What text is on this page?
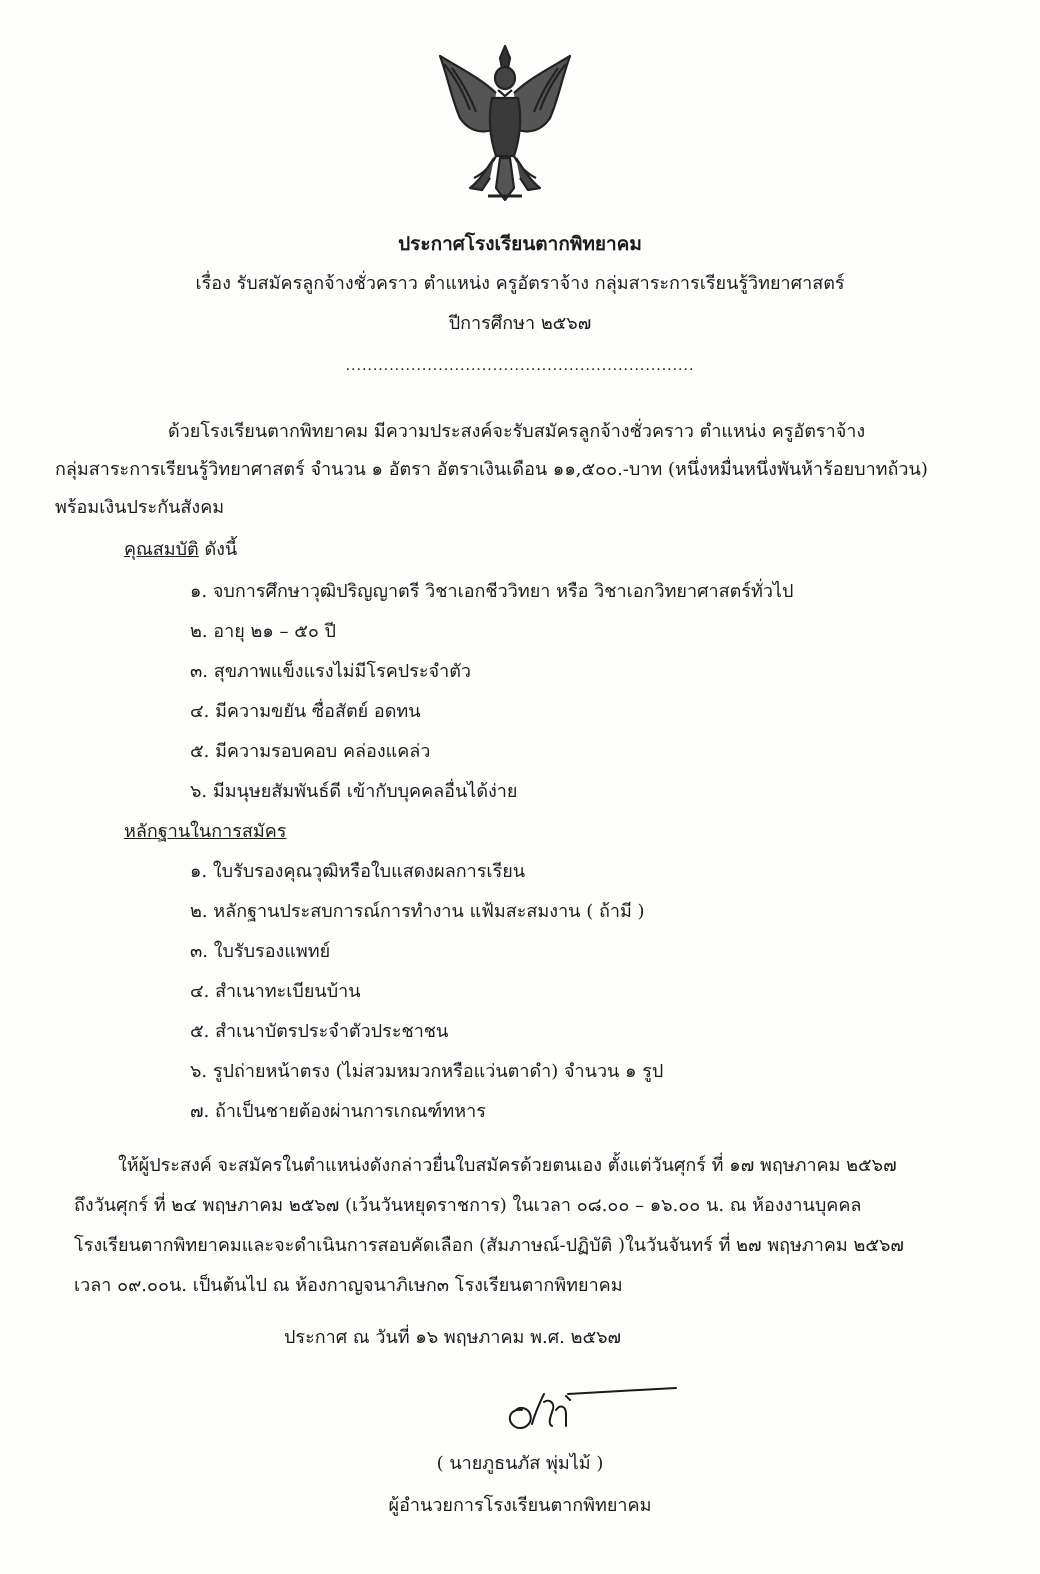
ประกาศโรงเรียนตากพิทยาคม
เรื่อง รับสมัครลูกจ้างชั่วคราว ตำแหน่ง ครูอัตราจ้าง กลุ่มสาระการเรียนรู้วิทยาศาสตร์
ปีการศึกษา ๒๕๖๗
................................................................
ด้วยโรงเรียนตากพิทยาคม มีความประสงค์จะรับสมัครลูกจ้างชั่วคราว ตำแหน่ง ครูอัตราจ้าง
กลุ่มสาระการเรียนรู้วิทยาศาสตร์ จำนวน ๑ อัตรา อัตราเงินเดือน ๑๑,๕๐๐.-บาท (หนึ่งหมื่นหนึ่งพันห้าร้อยบาทถ้วน)
พร้อมเงินประกันสังคม
คุณสมบัติ ดังนี้
๑. จบการศึกษาวุฒิปริญญาตรี วิชาเอกชีววิทยา หรือ วิชาเอกวิทยาศาสตร์ทั่วไป
๒. อายุ ๒๑ – ๕๐ ปี
๓. สุขภาพแข็งแรงไม่มีโรคประจำตัว
๔. มีความขยัน ซื่อสัตย์ อดทน
๕. มีความรอบคอบ คล่องแคล่ว
๖. มีมนุษยสัมพันธ์ดี เข้ากับบุคคลอื่นได้ง่าย
หลักฐานในการสมัคร
๑. ใบรับรองคุณวุฒิหรือใบแสดงผลการเรียน
๒. หลักฐานประสบการณ์การทำงาน แฟ้มสะสมงาน ( ถ้ามี )
๓. ใบรับรองแพทย์
๔. สำเนาทะเบียนบ้าน
๕. สำเนาบัตรประจำตัวประชาชน
๖. รูปถ่ายหน้าตรง (ไม่สวมหมวกหรือแว่นตาดำ) จำนวน ๑ รูป
๗. ถ้าเป็นชายต้องผ่านการเกณฑ์ทหาร
ให้ผู้ประสงค์ จะสมัครในตำแหน่งดังกล่าวยื่นใบสมัครด้วยตนเอง ตั้งแต่วันศุกร์ ที่ ๑๗ พฤษภาคม ๒๕๖๗
ถึงวันศุกร์ ที่ ๒๔ พฤษภาคม ๒๕๖๗ (เว้นวันหยุดราชการ) ในเวลา ๐๘.๐๐ – ๑๖.๐๐ น. ณ ห้องงานบุคคล
โรงเรียนตากพิทยาคมและจะดำเนินการสอบคัดเลือก (สัมภาษณ์-ปฏิบัติ )ในวันจันทร์ ที่ ๒๗ พฤษภาคม ๒๕๖๗
เวลา ๐๙.๐๐น. เป็นต้นไป ณ ห้องกาญจนาภิเษก๓ โรงเรียนตากพิทยาคม
ประกาศ ณ วันที่ ๑๖ พฤษภาคม พ.ศ. ๒๕๖๗
( นายภูธนภัส พุ่มไม้ )
ผู้อำนวยการโรงเรียนตากพิทยาคม
